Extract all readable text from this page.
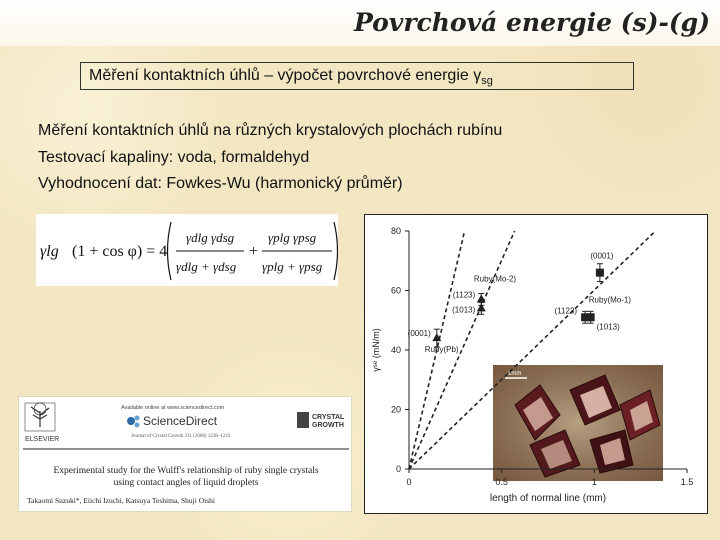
Povrchová energie (s)-(g)
Měření kontaktních úhlů – výpočet povrchové energie $\gamma_{sg}$
Měření kontaktních úhlů na různých krystalových plochách rubínu
Testovací kapaliny: voda, formaldehyd
Vyhodnocení dat: Fowkes-Wu (harmonický průměr)
γlg (1 + cos φ) = 4
γdlg γdsg
γdlg + γdsg
+
γplg γpsg
γplg + γpsg
ELSEVIER
Available online at www.sciencedirect.com
ScienceDirect
Journal of Crystal Growth 311 (2008) 1238–1243
CRYSTAL
GROWTH
Experimental study for the Wulff's relationship of ruby single crystals
using contact angles of liquid droplets
Takaomi Suzuki*, Eiichi Izuchi, Katsuya Teshima, Shuji Oishi
1mm
0
20
40
60
80
0	0.5	1	1.5
(0001)
Ruby(Pb)
(1123)
(1013)
Ruby(Mo-2)
(0001)
(1123)
(1013)
Ruby(Mo-1)
γˢᵉ (mN/m)
length of normal line (mm)
